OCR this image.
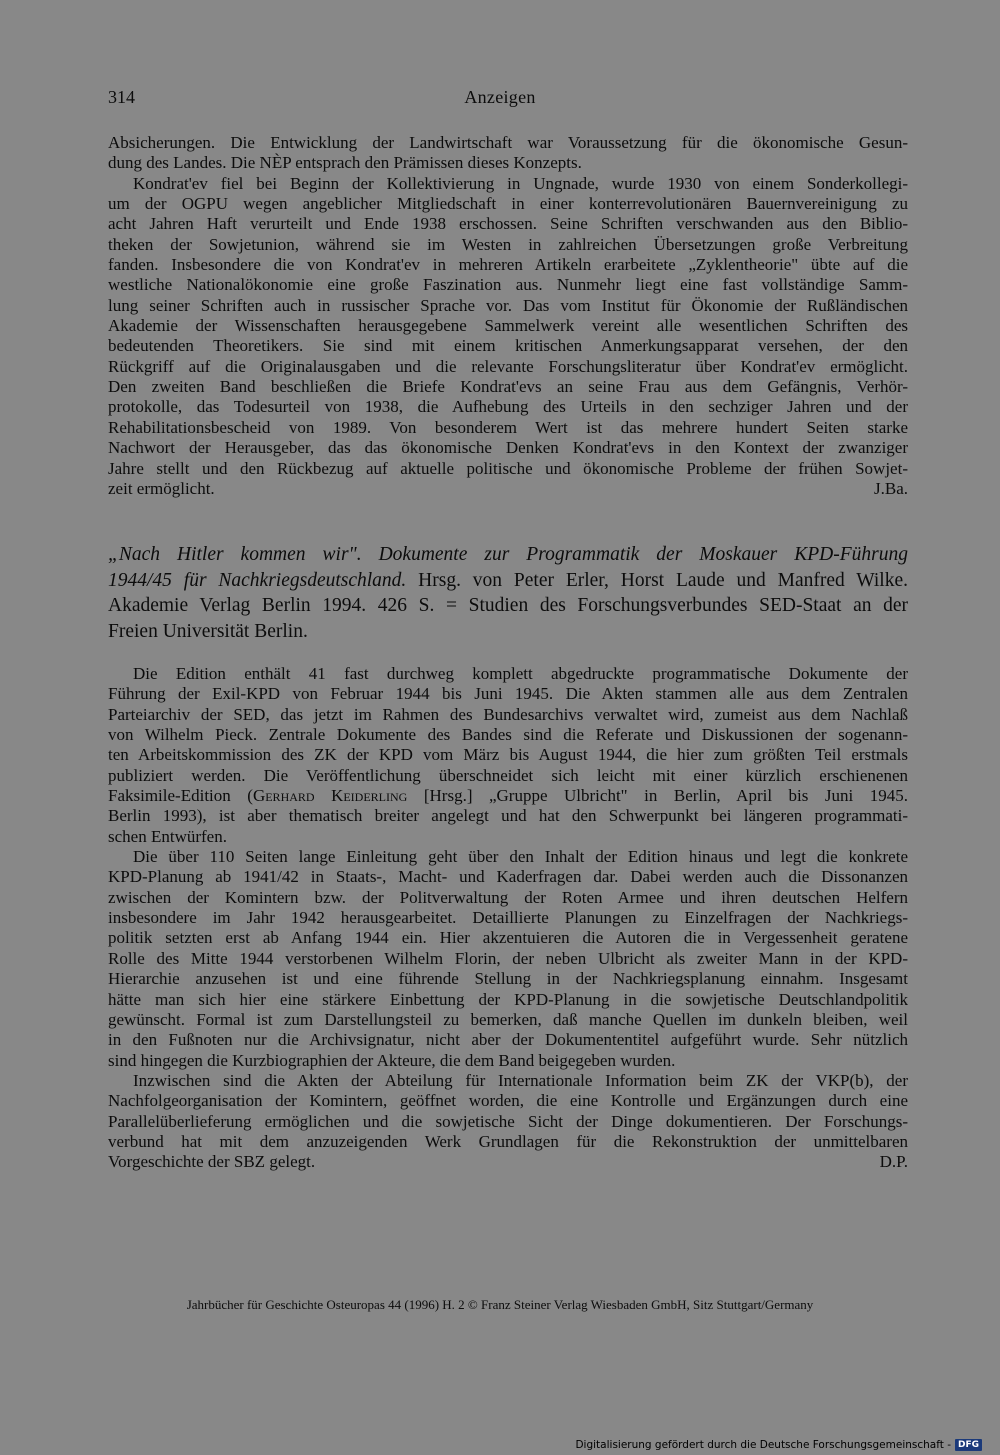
314	Anzeigen
Absicherungen. Die Entwicklung der Landwirtschaft war Voraussetzung für die ökonomische Gesun-
dung des Landes. Die NÈP entsprach den Prämissen dieses Konzepts.
Kondrat'ev fiel bei Beginn der Kollektivierung in Ungnade, wurde 1930 von einem Sonderkollegi-
um der OGPU wegen angeblicher Mitgliedschaft in einer konterrevolutionären Bauernvereinigung zu
acht Jahren Haft verurteilt und Ende 1938 erschossen. Seine Schriften verschwanden aus den Biblio-
theken der Sowjetunion, während sie im Westen in zahlreichen Übersetzungen große Verbreitung
fanden. Insbesondere die von Kondrat'ev in mehreren Artikeln erarbeitete „Zyklentheorie" übte auf die
westliche Nationalökonomie eine große Faszination aus. Nunmehr liegt eine fast vollständige Samm-
lung seiner Schriften auch in russischer Sprache vor. Das vom Institut für Ökonomie der Rußländischen
Akademie der Wissenschaften herausgegebene Sammelwerk vereint alle wesentlichen Schriften des
bedeutenden Theoretikers. Sie sind mit einem kritischen Anmerkungsapparat versehen, der den
Rückgriff auf die Originalausgaben und die relevante Forschungsliteratur über Kondrat'ev ermöglicht.
Den zweiten Band beschließen die Briefe Kondrat'evs an seine Frau aus dem Gefängnis, Verhör-
protokolle, das Todesurteil von 1938, die Aufhebung des Urteils in den sechziger Jahren und der
Rehabilitationsbescheid von 1989. Von besonderem Wert ist das mehrere hundert Seiten starke
Nachwort der Herausgeber, das das ökonomische Denken Kondrat'evs in den Kontext der zwanziger
Jahre stellt und den Rückbezug auf aktuelle politische und ökonomische Probleme der frühen Sowjet-
zeit ermöglicht.	J.Ba.
„Nach Hitler kommen wir". Dokumente zur Programmatik der Moskauer KPD-Führung
1944/45 für Nachkriegsdeutschland. Hrsg. von Peter Erler, Horst Laude und Manfred Wilke.
Akademie Verlag Berlin 1994. 426 S. = Studien des Forschungsverbundes SED-Staat an der
Freien Universität Berlin.
Die Edition enthält 41 fast durchweg komplett abgedruckte programmatische Dokumente der
Führung der Exil-KPD von Februar 1944 bis Juni 1945. Die Akten stammen alle aus dem Zentralen
Parteiarchiv der SED, das jetzt im Rahmen des Bundesarchivs verwaltet wird, zumeist aus dem Nachlaß
von Wilhelm Pieck. Zentrale Dokumente des Bandes sind die Referate und Diskussionen der sogenann-
ten Arbeitskommission des ZK der KPD vom März bis August 1944, die hier zum größten Teil erstmals
publiziert werden. Die Veröffentlichung überschneidet sich leicht mit einer kürzlich erschienenen
Faksimile-Edition (Gerhard Keiderling [Hrsg.] „Gruppe Ulbricht" in Berlin, April bis Juni 1945.
Berlin 1993), ist aber thematisch breiter angelegt und hat den Schwerpunkt bei längeren programmati-
schen Entwürfen.
Die über 110 Seiten lange Einleitung geht über den Inhalt der Edition hinaus und legt die konkrete
KPD-Planung ab 1941/42 in Staats-, Macht- und Kaderfragen dar. Dabei werden auch die Dissonanzen
zwischen der Komintern bzw. der Politverwaltung der Roten Armee und ihren deutschen Helfern
insbesondere im Jahr 1942 herausgearbeitet. Detaillierte Planungen zu Einzelfragen der Nachkriegs-
politik setzten erst ab Anfang 1944 ein. Hier akzentuieren die Autoren die in Vergessenheit geratene
Rolle des Mitte 1944 verstorbenen Wilhelm Florin, der neben Ulbricht als zweiter Mann in der KPD-
Hierarchie anzusehen ist und eine führende Stellung in der Nachkriegsplanung einnahm. Insgesamt
hätte man sich hier eine stärkere Einbettung der KPD-Planung in die sowjetische Deutschlandpolitik
gewünscht. Formal ist zum Darstellungsteil zu bemerken, daß manche Quellen im dunkeln bleiben, weil
in den Fußnoten nur die Archivsignatur, nicht aber der Dokumententitel aufgeführt wurde. Sehr nützlich
sind hingegen die Kurzbiographien der Akteure, die dem Band beigegeben wurden.
Inzwischen sind die Akten der Abteilung für Internationale Information beim ZK der VKP(b), der
Nachfolgeorganisation der Komintern, geöffnet worden, die eine Kontrolle und Ergänzungen durch eine
Parallelüberlieferung ermöglichen und die sowjetische Sicht der Dinge dokumentieren. Der Forschungs-
verbund hat mit dem anzuzeigenden Werk Grundlagen für die Rekonstruktion der unmittelbaren
Vorgeschichte der SBZ gelegt.	D.P.
Jahrbücher für Geschichte Osteuropas 44 (1996) H. 2 © Franz Steiner Verlag Wiesbaden GmbH, Sitz Stuttgart/Germany
Digitalisierung gefördert durch die Deutsche Forschungsgemeinschaft - DFG
